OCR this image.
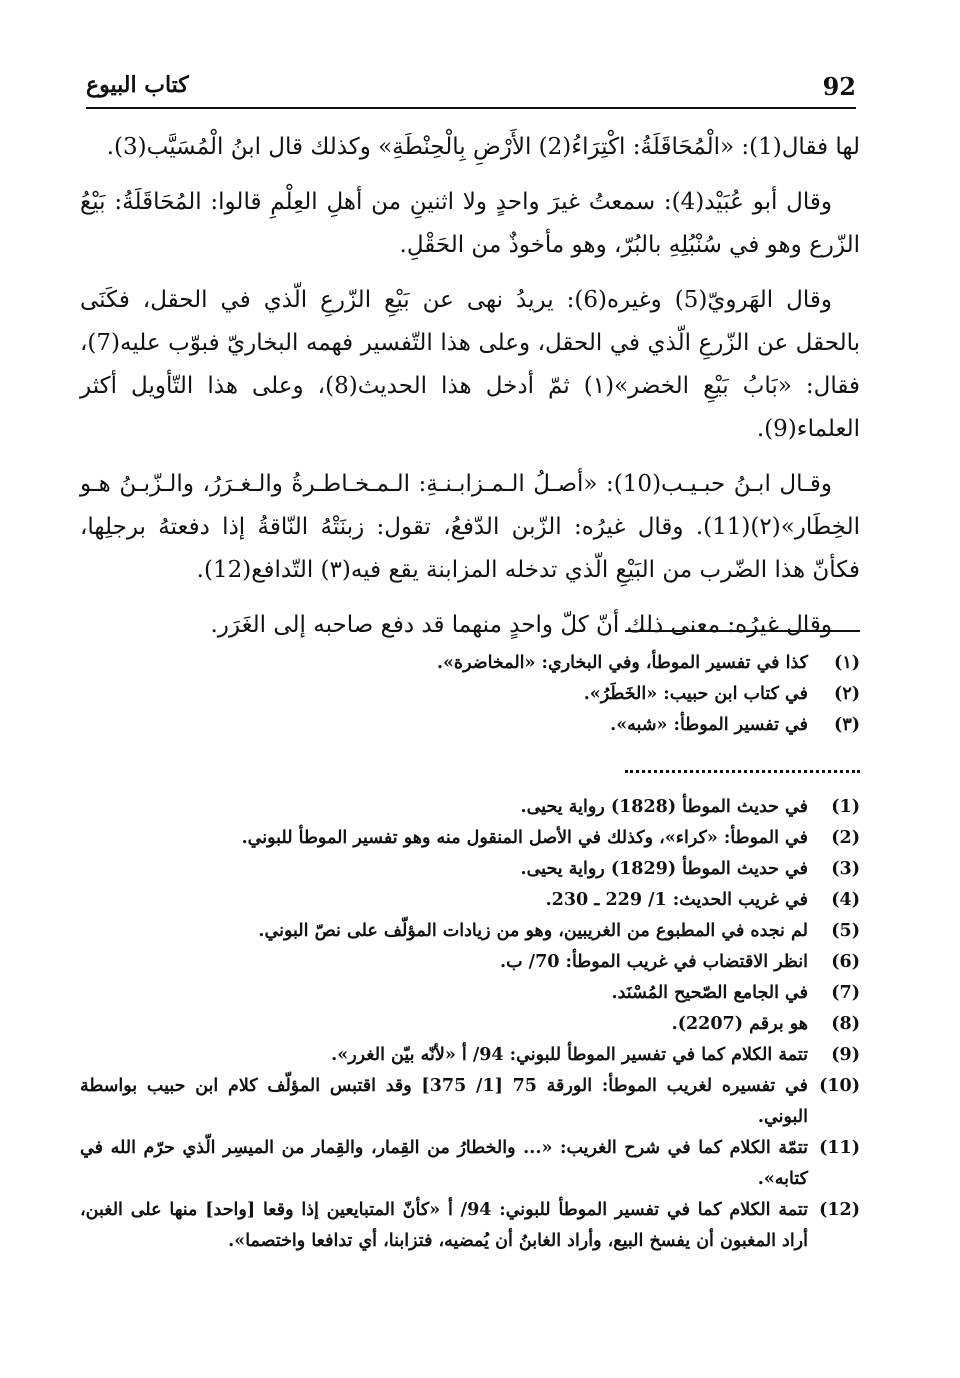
92
كتاب البيوع

لها فقال(1): «الْمُحَاقَلَةُ: اكْتِرَاءُ(2) الأَرْضِ بِالْحِنْطَةِ» وكذلك قال ابنُ الْمُسَيَّب(3).

وقال أبو عُبَيْد(4): سمعتُ غيرَ واحدٍ ولا اثنينِ من أهلِ العِلْمِ قالوا: المُحَاقَلَةُ: بَيْعُ الزّرع وهو في سُنْبُلِهِ بالبُرّ، وهو مأخوذٌ من الحَقْلِ.

وقال الهَرويّ(5) وغيره(6): يريدُ نهى عن بَيْعِ الزّرعِ الّذي في الحقل، فكَنَى بالحقل عن الزّرعِ الّذي في الحقل، وعلى هذا التّفسير فهمه البخاريّ فبوّب عليه(7)، فقال: «بَابُ بَيْعِ الخضر»(١) ثمّ أدخل هذا الحديث(8)، وعلى هذا التّأويل أكثر العلماء(9).

وقـال ابـنُ حبـيـب(10): «أصـلُ الـمـزابـنـةِ: الـمـخـاطـرةُ والـغـرَرُ، والـزّبـنُ هـو الخِطَار»(٢)(11). وقال غيرُه: الزّبن الدّفعُ، تقول: زبنَتْهُ النّاقةُ إذا دفعتهُ برجلِها، فكأنّ هذا الضّرب من البَيْعِ الّذي تدخله المزابنة يقع فيه(٣) التّدافع(12).

وقال غيرُه: معنى ذلك أنّ كلّ واحدٍ منهما قد دفع صاحبه إلى الغَرَر.

(١)
كذا في تفسير الموطأ، وفي البخاري: «المخاضرة».
(٢)
في كتاب ابن حبيب: «الخَطَرُ».
(٣)
في تفسير الموطأ: «شبه».
(1)
في حديث الموطأ (1828) رواية يحيى.
(2)
في الموطأ: «كراء»، وكذلك في الأصل المنقول منه وهو تفسير الموطأ للبوني.
(3)
في حديث الموطأ (1829) رواية يحيى.
(4)
في غريب الحديث: 1/ 229 ـ 230.
(5)
لم نجده في المطبوع من الغريبين، وهو من زيادات المؤلّف على نصّ البوني.
(6)
انظر الاقتضاب في غريب الموطأ: 70/ ب.
(7)
في الجامع الصّحيح المُسْنَد.
(8)
هو برقم (2207).
(9)
تتمة الكلام كما في تفسير الموطأ للبوني: 94/ أ «لأنّه بيّن الغرر».
(10)
في تفسيره لغريب الموطأ: الورقة 75 [1/ 375] وقد اقتبس المؤلّف كلام ابن حبيب بواسطة البوني.
(11)
تتمّة الكلام كما في شرح الغريب: «... والخطارُ من القِمار، والقِمار من الميسِر الّذي حرّم الله في كتابه».
(12)
تتمة الكلام كما في تفسير الموطأ للبوني: 94/ أ «كأنّ المتبايعين إذا وقعا [واحد] منها على الغبن، أراد المغبون أن يفسخ البيع، وأراد الغابنُ أن يُمضيه، فتزابنا، أي تدافعا واختصما».
